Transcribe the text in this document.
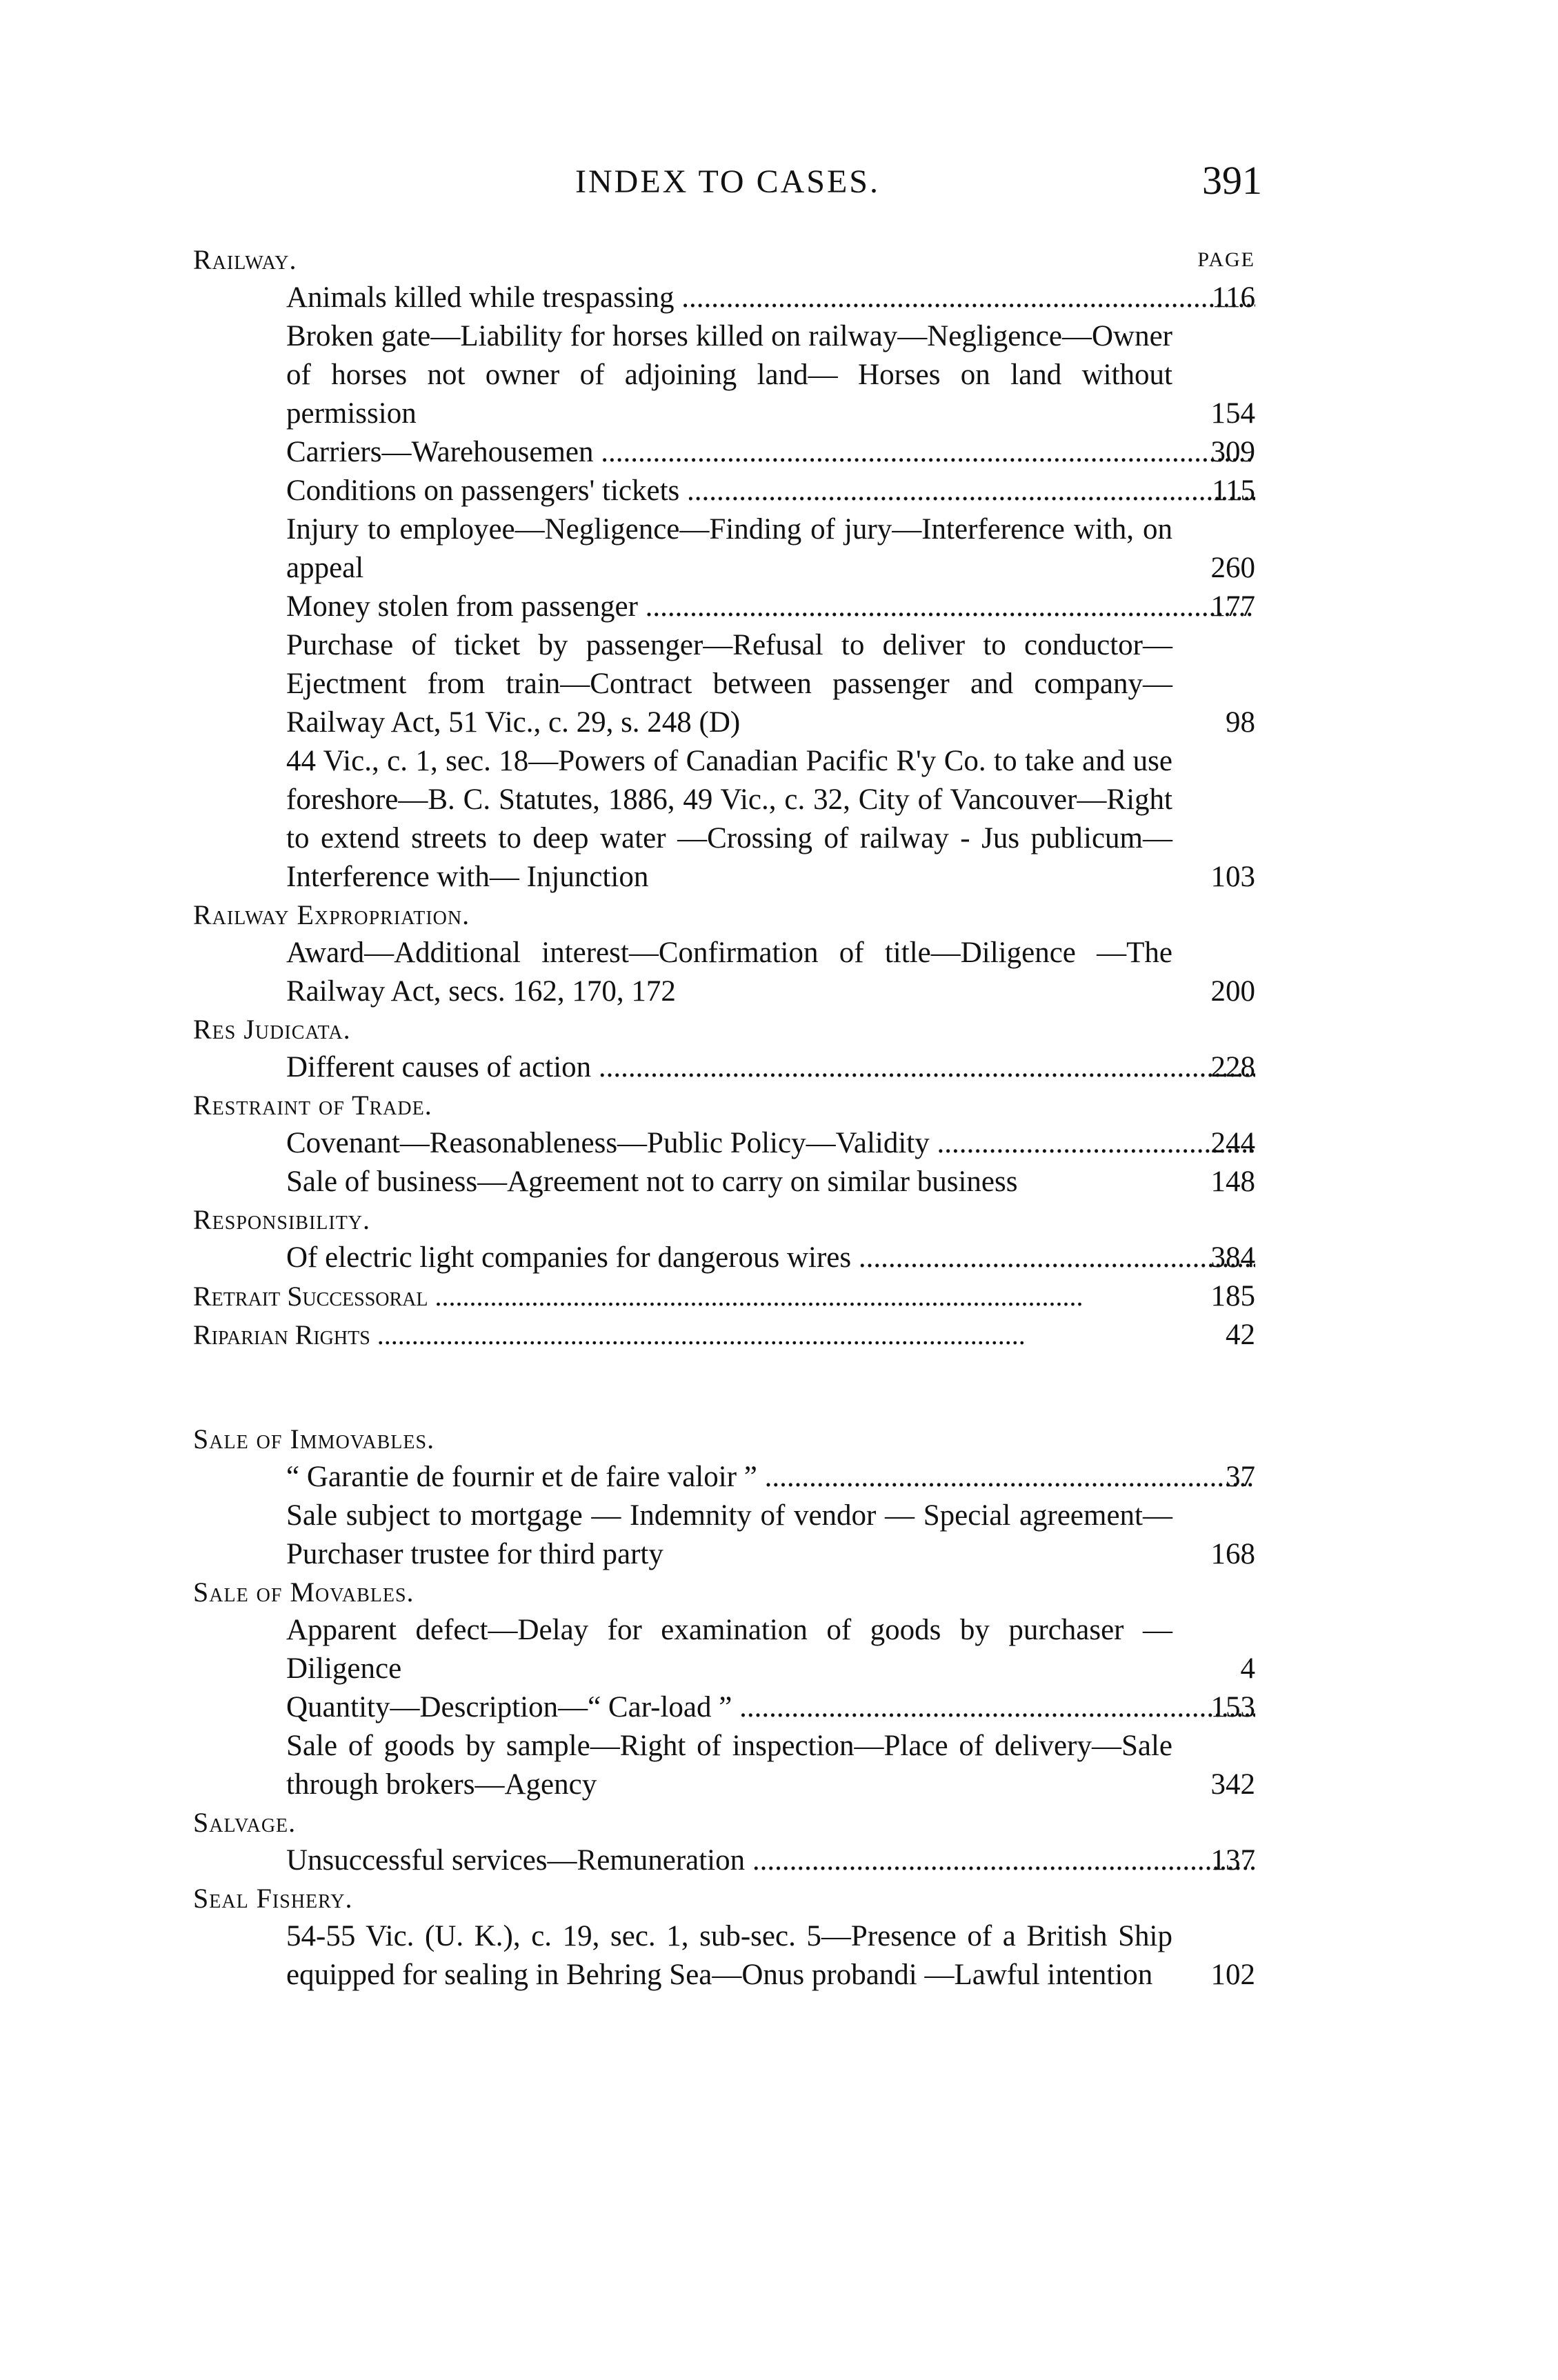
INDEX TO CASES.	391
PAGE
Railway.
Animals killed while trespassing .....	116
Broken gate—Liability for horses killed on railway—Negligence—Owner of horses not owner of adjoining land— Horses on land without permission	154
Carriers—Warehousemen .....	309
Conditions on passengers' tickets .....	115
Injury to employee—Negligence—Finding of jury—Interference with, on appeal	260
Money stolen from passenger .....	177
Purchase of ticket by passenger—Refusal to deliver to conductor—Ejectment from train—Contract between passenger and company—Railway Act, 51 Vic., c. 29, s. 248 (D)	98
44 Vic., c. 1, sec. 18—Powers of Canadian Pacific R'y Co. to take and use foreshore—B. C. Statutes, 1886, 49 Vic., c. 32, City of Vancouver—Right to extend streets to deep water —Crossing of railway - Jus publicum—Interference with— Injunction	103
Railway Expropriation.
Award—Additional interest—Confirmation of title—Diligence —The Railway Act, secs. 162, 170, 172	200
Res Judicata.
Different causes of action .....	228
Restraint of Trade.
Covenant—Reasonableness—Public Policy—Validity .....	244
Sale of business—Agreement not to carry on similar business	148
Responsibility.
Of electric light companies for dangerous wires .....	384
Retrait Successoral .....	185
Riparian Rights .....	42
Sale of Immovables.
“ Garantie de fournir et de faire valoir ” .....	37
Sale subject to mortgage — Indemnity of vendor — Special agreement—Purchaser trustee for third party	168
Sale of Movables.
Apparent defect—Delay for examination of goods by purchaser —Diligence	4
Quantity—Description—“ Car-load ” .....	153
Sale of goods by sample—Right of inspection—Place of delivery—Sale through brokers—Agency	342
Salvage.
Unsuccessful services—Remuneration .....	137
Seal Fishery.
54-55 Vic. (U. K.), c. 19, sec. 1, sub-sec. 5—Presence of a British Ship equipped for sealing in Behring Sea—Onus probandi —Lawful intention	102
